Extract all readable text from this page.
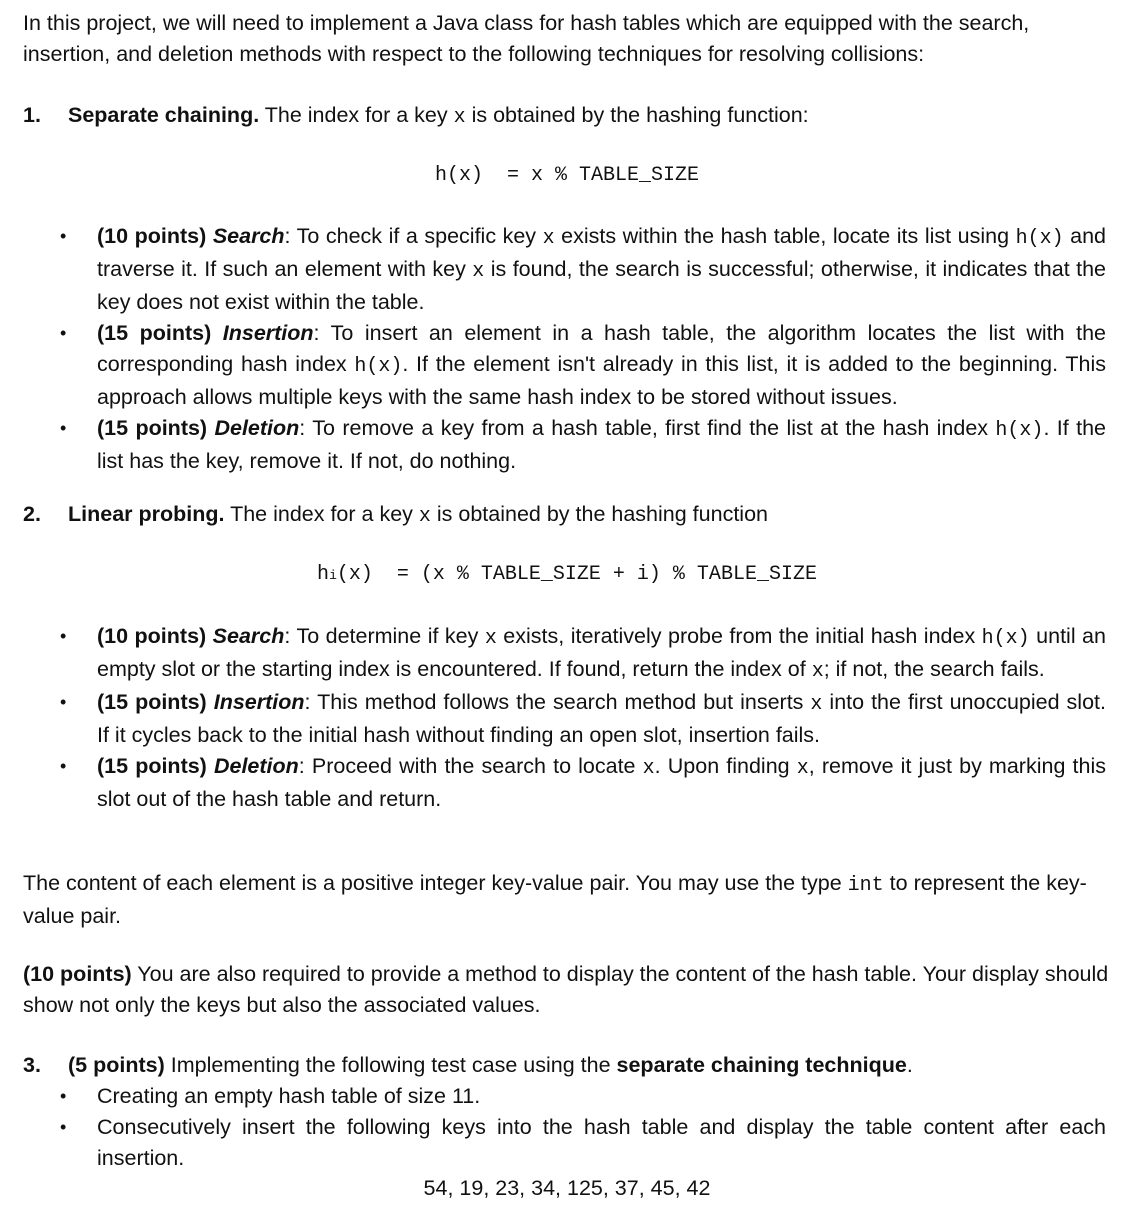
In this project, we will need to implement a Java class for hash tables which are equipped with the search, insertion, and deletion methods with respect to the following techniques for resolving collisions:

1. Separate chaining. The index for a key x is obtained by the hashing function:

h(x)  = x % TABLE_SIZE
• (10 points) Search: To check if a specific key x exists within the hash table, locate its list using h(x) and traverse it. If such an element with key x is found, the search is successful; otherwise, it indicates that the key does not exist within the table.
• (15 points) Insertion: To insert an element in a hash table, the algorithm locates the list with the corresponding hash index h(x). If the element isn't already in this list, it is added to the beginning. This approach allows multiple keys with the same hash index to be stored without issues.
• (15 points) Deletion: To remove a key from a hash table, first find the list at the hash index h(x). If the list has the key, remove it. If not, do nothing.
2. Linear probing. The index for a key x is obtained by the hashing function

hi(x)  = (x % TABLE_SIZE + i) % TABLE_SIZE
• (10 points) Search: To determine if key x exists, iteratively probe from the initial hash index h(x) until an empty slot or the starting index is encountered. If found, return the index of x; if not, the search fails.
• (15 points) Insertion: This method follows the search method but inserts x into the first unoccupied slot. If it cycles back to the initial hash without finding an open slot, insertion fails.
• (15 points) Deletion: Proceed with the search to locate x. Upon finding x, remove it just by marking this slot out of the hash table and return.

The content of each element is a positive integer key-value pair. You may use the type int to represent the key-value pair.

(10 points) You are also required to provide a method to display the content of the hash table. Your display should show not only the keys but also the associated values.

3. (5 points) Implementing the following test case using the separate chaining technique.

• Creating an empty hash table of size 11.
• Consecutively insert the following keys into the hash table and display the table content after each insertion.
54, 19, 23, 34, 125, 37, 45, 42
